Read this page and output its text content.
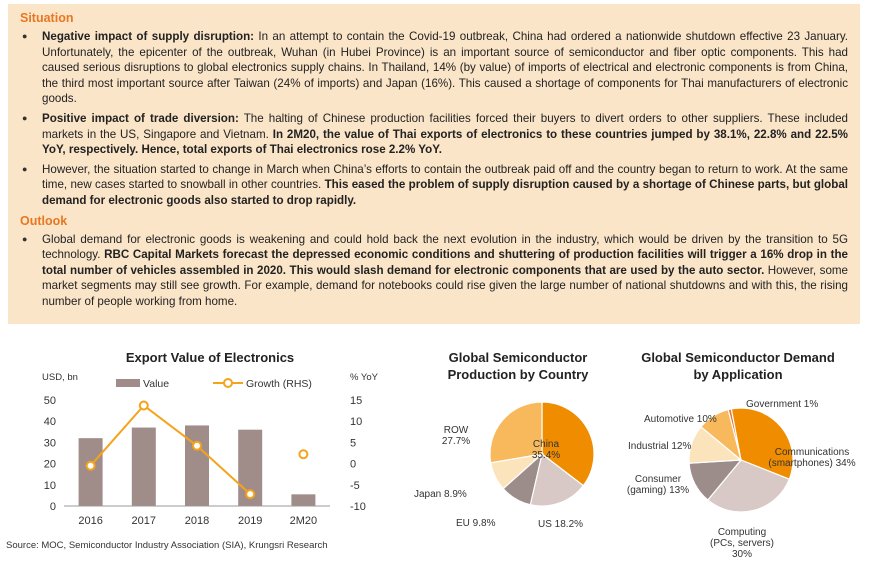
Situation
● Negative impact of supply disruption: In an attempt to contain the Covid-19 outbreak, China had ordered a nationwide shutdown effective 23 January. Unfortunately, the epicenter of the outbreak, Wuhan (in Hubei Province) is an important source of semiconductor and fiber optic components. This had caused serious disruptions to global electronics supply chains. In Thailand, 14% (by value) of imports of electrical and electronic components is from China, the third most important source after Taiwan (24% of imports) and Japan (16%). This caused a shortage of components for Thai manufacturers of electronic goods.
● Positive impact of trade diversion: The halting of Chinese production facilities forced their buyers to divert orders to other suppliers. These included markets in the US, Singapore and Vietnam. In 2M20, the value of Thai exports of electronics to these countries jumped by 38.1%, 22.8% and 22.5% YoY, respectively. Hence, total exports of Thai electronics rose 2.2% YoY.
● However, the situation started to change in March when China’s efforts to contain the outbreak paid off and the country began to return to work. At the same time, new cases started to snowball in other countries. This eased the problem of supply disruption caused by a shortage of Chinese parts, but global demand for electronic goods also started to drop rapidly.
Outlook
● Global demand for electronic goods is weakening and could hold back the next evolution in the industry, which would be driven by the transition to 5G technology. RBC Capital Markets forecast the depressed economic conditions and shuttering of production facilities will trigger a 16% drop in the total number of vehicles assembled in 2020. This would slash demand for electronic components that are used by the auto sector. However, some market segments may still see growth. For example, demand for notebooks could rise given the large number of national shutdowns and with this, the rising number of people working from home.
Export Value of Electronics
USD, bn	% YoY
0
10
20
30
40
50
-10
-5
0
5
10
15
2016	2017	2018	2019 2M20
Value	Growth (RHS)
Global Semiconductor
Production by Country
China 35.4%
US 18.2%
EU 9.8%
Japan 8.9%
ROW 27.7%
Global Semiconductor Demand
by Application
Government 1%
Communications (smartphones) 34%
Computing (PCs, servers) 30%
Consumer (gaming) 13%
Industrial 12%
Automotive 10%
Source: MOC, Semiconductor Industry Association (SIA), Krungsri Research
